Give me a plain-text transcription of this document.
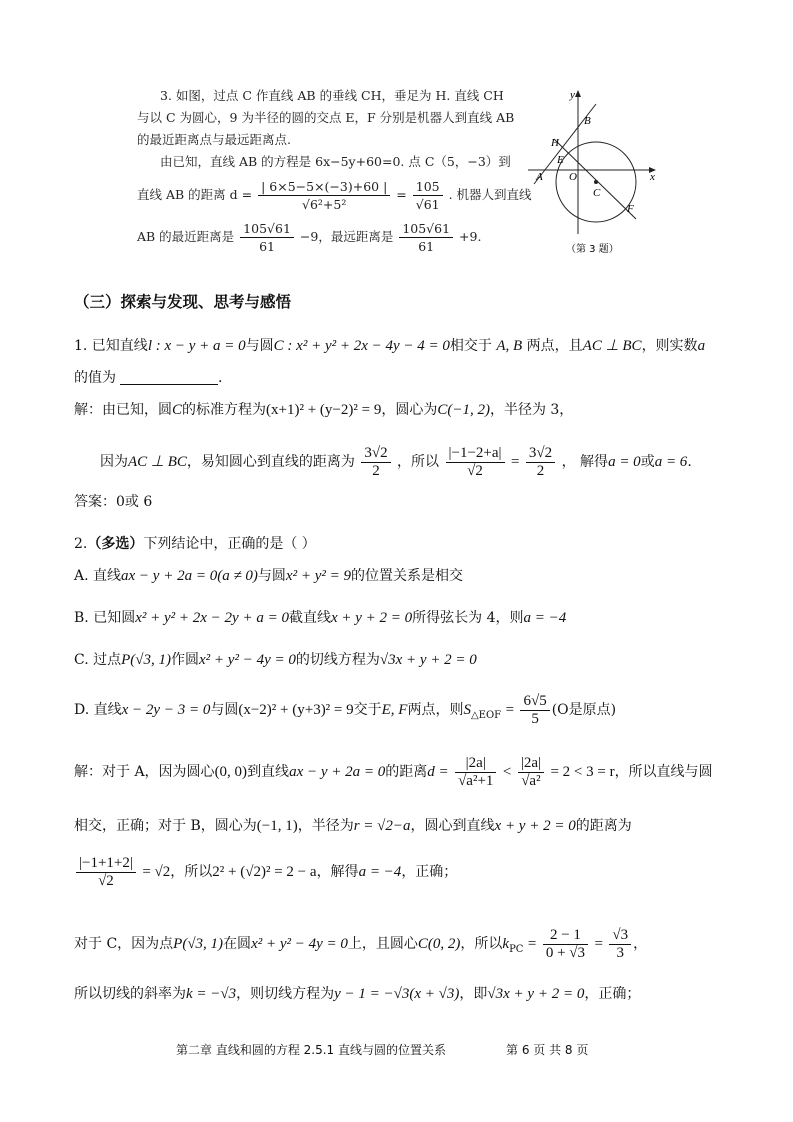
3. 如图，过点 C 作直线 AB 的垂线 CH，垂足为 H. 直线 CH
与以 C 为圆心，9 为半径的圆的交点 E，F 分别是机器人到直线 AB
的最近距离点与最远距离点.
由已知，直线 AB 的方程是 6x−5y+60=0. 点 C（5，−3）到
直线 AB 的距离 $d = \frac{| 6\times 5-5\times(-3)+60 |}{\text{√6²+5²}} = \frac{105}{√61}$ . 机器人到直线
AB 的最近距离是 $\frac{105√61}{61} -9$，最远距离是 $\frac{105√61}{61} +9$.
y
x
O
A
B
H
E
C
F
（第 3 题）
（三）探索与发现、思考与感悟
1. 已知直线l : x − y + a = 0与圆C : x² + y² + 2x − 4y − 4 = 0相交于 A, B 两点，且AC ⊥ BC，则实数a
的值为	.
解：由已知，圆C的标准方程为(x+1)² + (y−2)² = 9，圆心为C(−1, 2)，半径为 3，
因为AC ⊥ BC，易知圆心到直线的距离为 $\frac{3√2}{2}$ ，所以 $\frac{|-1-2+a|}{√2} = \frac{3√2}{2}$ ， 解得a = 0或a = 6.
答案：0或 6
2.（多选）下列结论中，正确的是（ ）
A. 直线ax − y + 2a = 0(a ≠ 0)与圆x² + y² = 9的位置关系是相交
B. 已知圆x² + y² + 2x − 2y + a = 0截直线x + y + 2 = 0所得弦长为 4，则a = −4
C. 过点P(√3, 1)作圆x² + y² − 4y = 0的切线方程为√3x + y + 2 = 0
D. 直线x − 2y − 3 = 0与圆(x−2)² + (y+3)² = 9交于E, F两点，则$S_{\triangle EOF} = \frac{6√5}{5} (O$是原点)
解：对于 A，因为圆心(0, 0)到直线ax − y + 2a = 0的距离$d = \frac{|2a|}{\text{√a²+1}} < \frac{|2a|}{\text{√a²}} = 2 < 3 = r$，所以直线与圆
相交，正确；对于 B，圆心为(−1, 1)，半径为r = √2−a，圆心到直线x + y + 2 = 0的距离为
$\frac{|-1+1+2|}{√2} = √2$，所以2² + (√2)² = 2 − a，解得a = −4，正确；
对于 C，因为点P(√3, 1)在圆x² + y² − 4y = 0上，且圆心C(0, 2)，所以$k_{PC} = \frac{2 - 1}{0 + √3} = \frac{√3}{3}$ ，
所以切线的斜率为k = −√3，则切线方程为y − 1 = −√3(x + √3)，即√3x + y + 2 = 0，正确；
第二章 直线和圆的方程 2.5.1 直线与圆的位置关系	第 6 页 共 8 页
